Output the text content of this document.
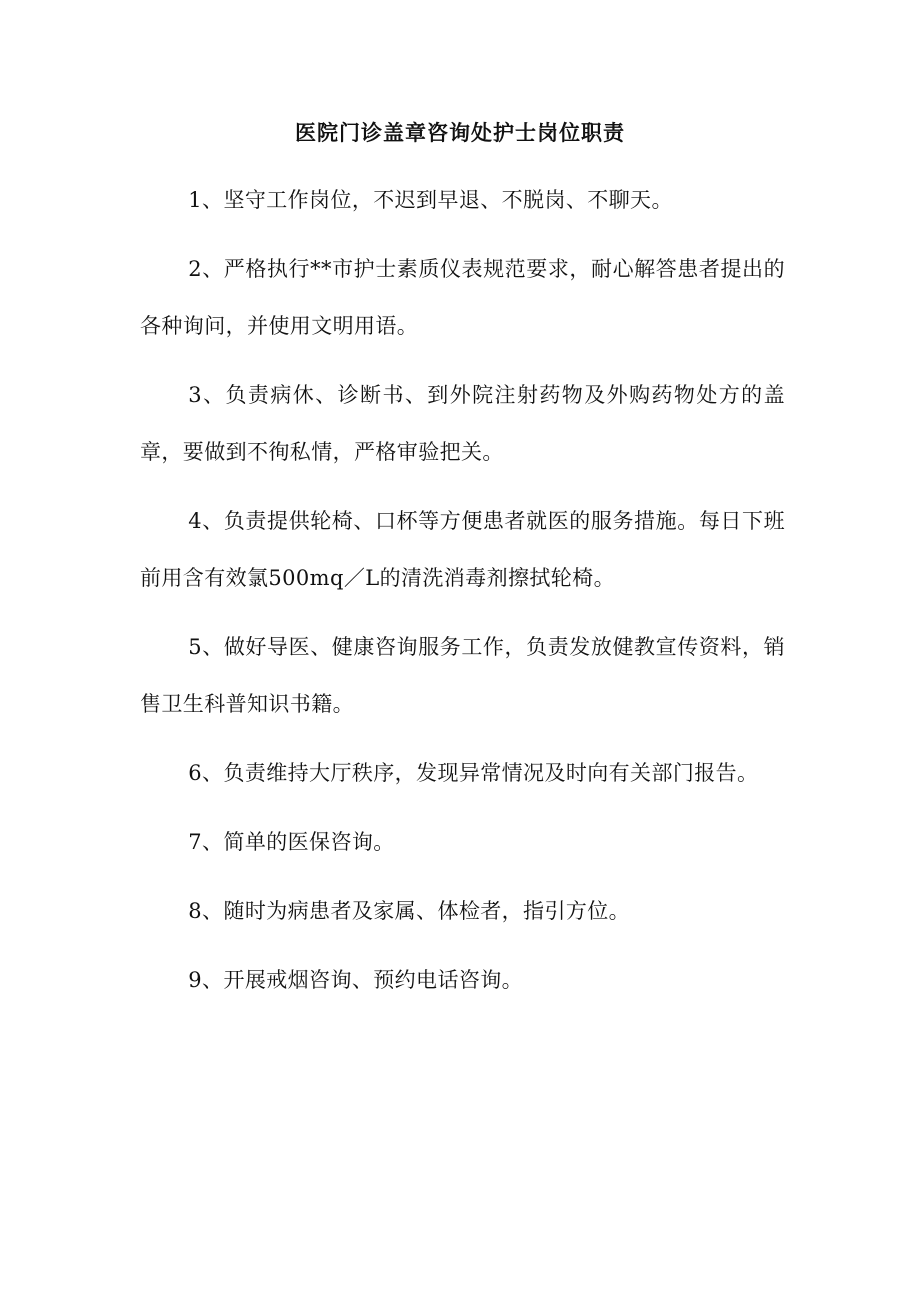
医院门诊盖章咨询处护士岗位职责

1、坚守工作岗位，不迟到早退、不脱岗、不聊天。

2、严格执行**市护士素质仪表规范要求，耐心解答患者提出的各种询问，并使用文明用语。

3、负责病休、诊断书、到外院注射药物及外购药物处方的盖章，要做到不徇私情，严格审验把关。

4、负责提供轮椅、口杯等方便患者就医的服务措施。每日下班前用含有效氯500mq／L的清洗消毒剂擦拭轮椅。

5、做好导医、健康咨询服务工作，负责发放健教宣传资料，销售卫生科普知识书籍。

6、负责维持大厅秩序，发现异常情况及时向有关部门报告。

7、简单的医保咨询。

8、随时为病患者及家属、体检者，指引方位。

9、开展戒烟咨询、预约电话咨询。
